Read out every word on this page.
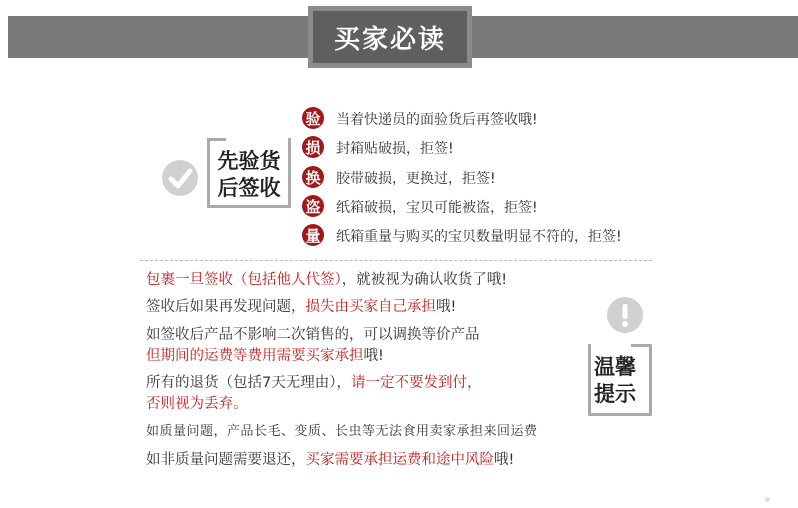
买家必读
先验货
后签收
验 当着快递员的面验货后再签收哦!
损 封箱贴破损，拒签!
换 胶带破损，更换过，拒签!
盗 纸箱破损，宝贝可能被盗，拒签!
量 纸箱重量与购买的宝贝数量明显不符的，拒签!
包裹一旦签收（包括他人代签），就被视为确认收货了哦!
签收后如果再发现问题，损失由买家自己承担哦!
如签收后产品不影响二次销售的，可以调换等价产品
但期间的运费等费用需要买家承担哦!
所有的退货（包括7天无理由），请一定不要发到付，
否则视为丢弃。
如质量问题，产品长毛、变质、长虫等无法食用卖家承担来回运费
如非质量问题需要退还，买家需要承担运费和途中风险哦!
温馨
提示
